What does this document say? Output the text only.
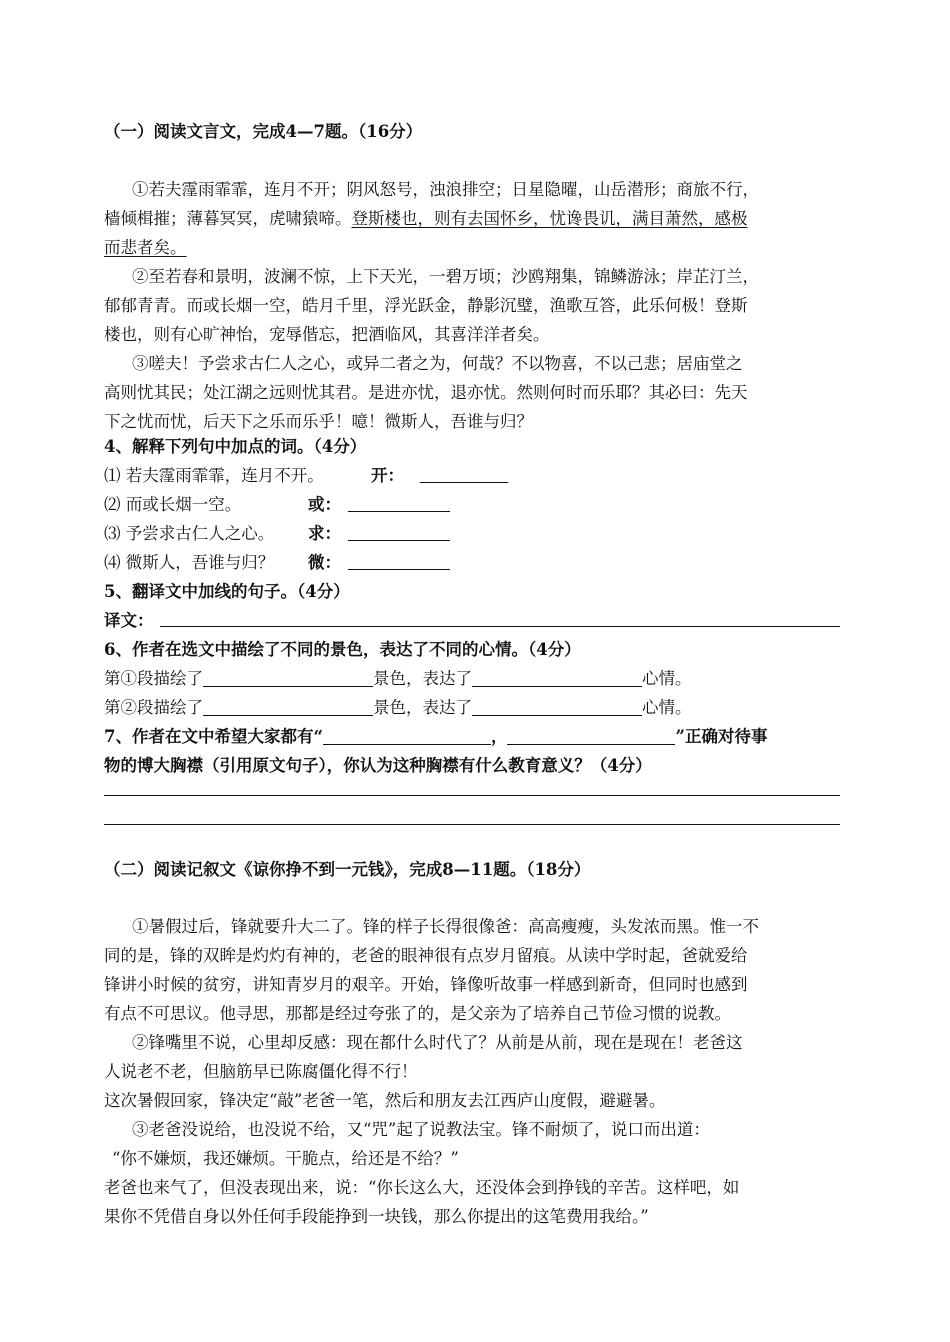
（一）阅读文言文，完成4—7题。（16分）
①若夫霪雨霏霏，连月不开；阴风怒号，浊浪排空；日星隐曜，山岳潜形；商旅不行，
樯倾楫摧；薄暮冥冥，虎啸猿啼。登斯楼也，则有去国怀乡，忧谗畏讥，满目萧然，感极
而悲者矣。
②至若春和景明，波澜不惊，上下天光，一碧万顷；沙鸥翔集，锦鳞游泳；岸芷汀兰，
郁郁青青。而或长烟一空，皓月千里，浮光跃金，静影沉璧，渔歌互答，此乐何极！登斯
楼也，则有心旷神怡，宠辱偕忘，把酒临风，其喜洋洋者矣。
③嗟夫！予尝求古仁人之心，或异二者之为，何哉？不以物喜，不以己悲；居庙堂之
高则忧其民；处江湖之远则忧其君。是进亦忧，退亦忧。然则何时而乐耶？其必曰：先天
下之忧而忧，后天下之乐而乐乎！噫！微斯人，吾谁与归？
4、解释下列句中加点的词。（4分）
⑴ 若夫霪雨霏霏，连月不开。	开：
⑵ 而或长烟一空。	或：
⑶ 予尝求古仁人之心。 求：
⑷ 微斯人，吾谁与归？ 微：
5、翻译文中加线的句子。（4分）
译文：
6、作者在选文中描绘了不同的景色，表达了不同的心情。（4分）
第①段描绘了	景色，表达了	心情。
第②段描绘了	景色，表达了	心情。
7、作者在文中希望大家都有“	，	”正确对待事
物的博大胸襟（引用原文句子），你认为这种胸襟有什么教育意义？（4分）
（二）阅读记叙文《谅你挣不到一元钱》，完成8—11题。（18分）
①暑假过后，锋就要升大二了。锋的样子长得很像爸：高高瘦瘦，头发浓而黑。惟一不
同的是，锋的双眸是灼灼有神的，老爸的眼神很有点岁月留痕。从读中学时起，爸就爱给
锋讲小时候的贫穷，讲知青岁月的艰辛。开始，锋像听故事一样感到新奇，但同时也感到
有点不可思议。他寻思，那都是经过夸张了的，是父亲为了培养自己节俭习惯的说教。
②锋嘴里不说，心里却反感：现在都什么时代了？从前是从前，现在是现在！老爸这
人说老不老，但脑筋早已陈腐僵化得不行！
这次暑假回家，锋决定“敲”老爸一笔，然后和朋友去江西庐山度假，避避暑。
③老爸没说给，也没说不给，又“咒”起了说教法宝。锋不耐烦了，说口而出道：
“你不嫌烦，我还嫌烦。干脆点，给还是不给？”
老爸也来气了，但没表现出来，说：“你长这么大，还没体会到挣钱的辛苦。这样吧，如
果你不凭借自身以外任何手段能挣到一块钱，那么你提出的这笔费用我给。”
